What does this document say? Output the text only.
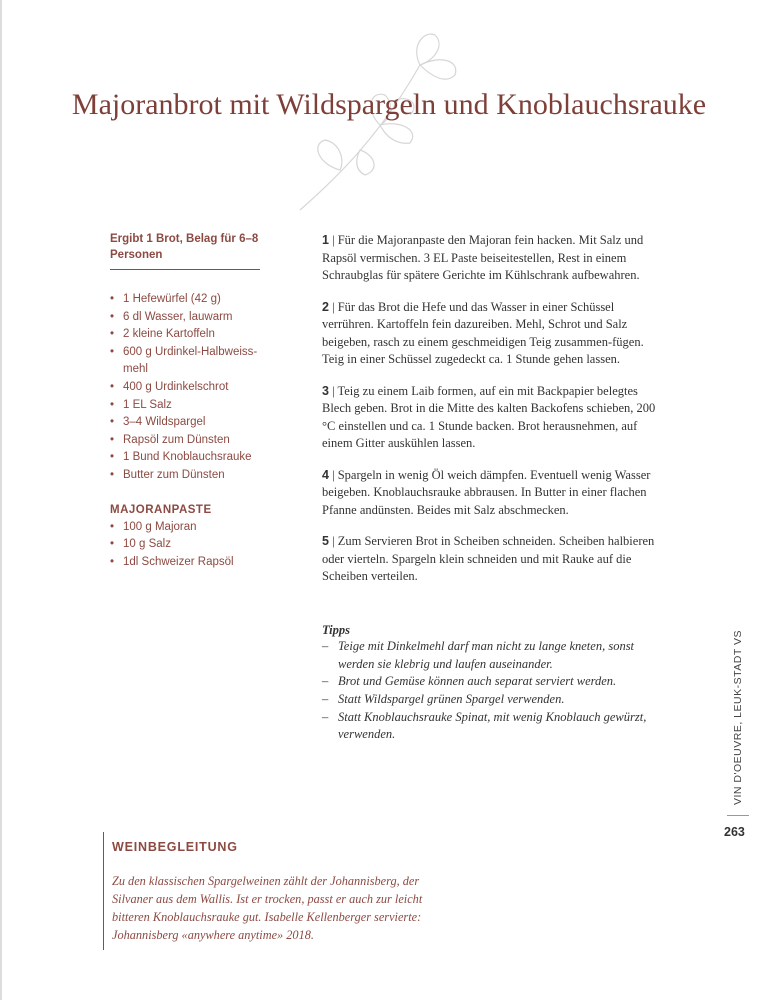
Majoranbrot mit Wildspargeln und Knoblauchsrauke
Ergibt 1 Brot, Belag für 6–8 Personen
• 1 Hefewürfel (42 g)
• 6 dl Wasser, lauwarm
• 2 kleine Kartoffeln
• 600 g Urdinkel-Halbweiss-mehl
• 400 g Urdinkelschrot
• 1 EL Salz
• 3–4 Wildspargel
• Rapsöl zum Dünsten
• 1 Bund Knoblauchsrauke
• Butter zum Dünsten
MAJORANPASTE
• 100 g Majoran
• 10 g Salz
• 1dl Schweizer Rapsöl

1 | Für die Majoranpaste den Majoran fein hacken. Mit Salz und Rapsöl vermischen. 3 EL Paste beiseitestellen, Rest in einem Schraubglas für spätere Gerichte im Kühlschrank aufbewahren.

2 | Für das Brot die Hefe und das Wasser in einer Schüssel verrühren. Kartoffeln fein dazureiben. Mehl, Schrot und Salz beigeben, rasch zu einem geschmeidigen Teig zusammen-fügen. Teig in einer Schüssel zugedeckt ca. 1 Stunde gehen lassen.

3 | Teig zu einem Laib formen, auf ein mit Backpapier belegtes Blech geben. Brot in die Mitte des kalten Backofens schieben, 200 °C einstellen und ca. 1 Stunde backen. Brot herausnehmen, auf einem Gitter auskühlen lassen.

4 | Spargeln in wenig Öl weich dämpfen. Eventuell wenig Wasser beigeben. Knoblauchsrauke abbrausen. In Butter in einer flachen Pfanne andünsten. Beides mit Salz abschmecken.

5 | Zum Servieren Brot in Scheiben schneiden. Scheiben halbieren oder vierteln. Spargeln klein schneiden und mit Rauke auf die Scheiben verteilen.

Tipps
– Teige mit Dinkelmehl darf man nicht zu lange kneten, sonst werden sie klebrig und laufen auseinander.
– Brot und Gemüse können auch separat serviert werden.
– Statt Wildspargel grünen Spargel verwenden.
– Statt Knoblauchsrauke Spinat, mit wenig Knoblauch gewürzt, verwenden.	VIN D'OEUVRE, LEUK-STADT VS
263
WEINBEGLEITUNG

Zu den klassischen Spargelweinen zählt der Johannisberg, der Silvaner aus dem Wallis. Ist er trocken, passt er auch zur leicht bitteren Knoblauchsrauke gut. Isabelle Kellenberger servierte: Johannisberg «anywhere anytime» 2018.
